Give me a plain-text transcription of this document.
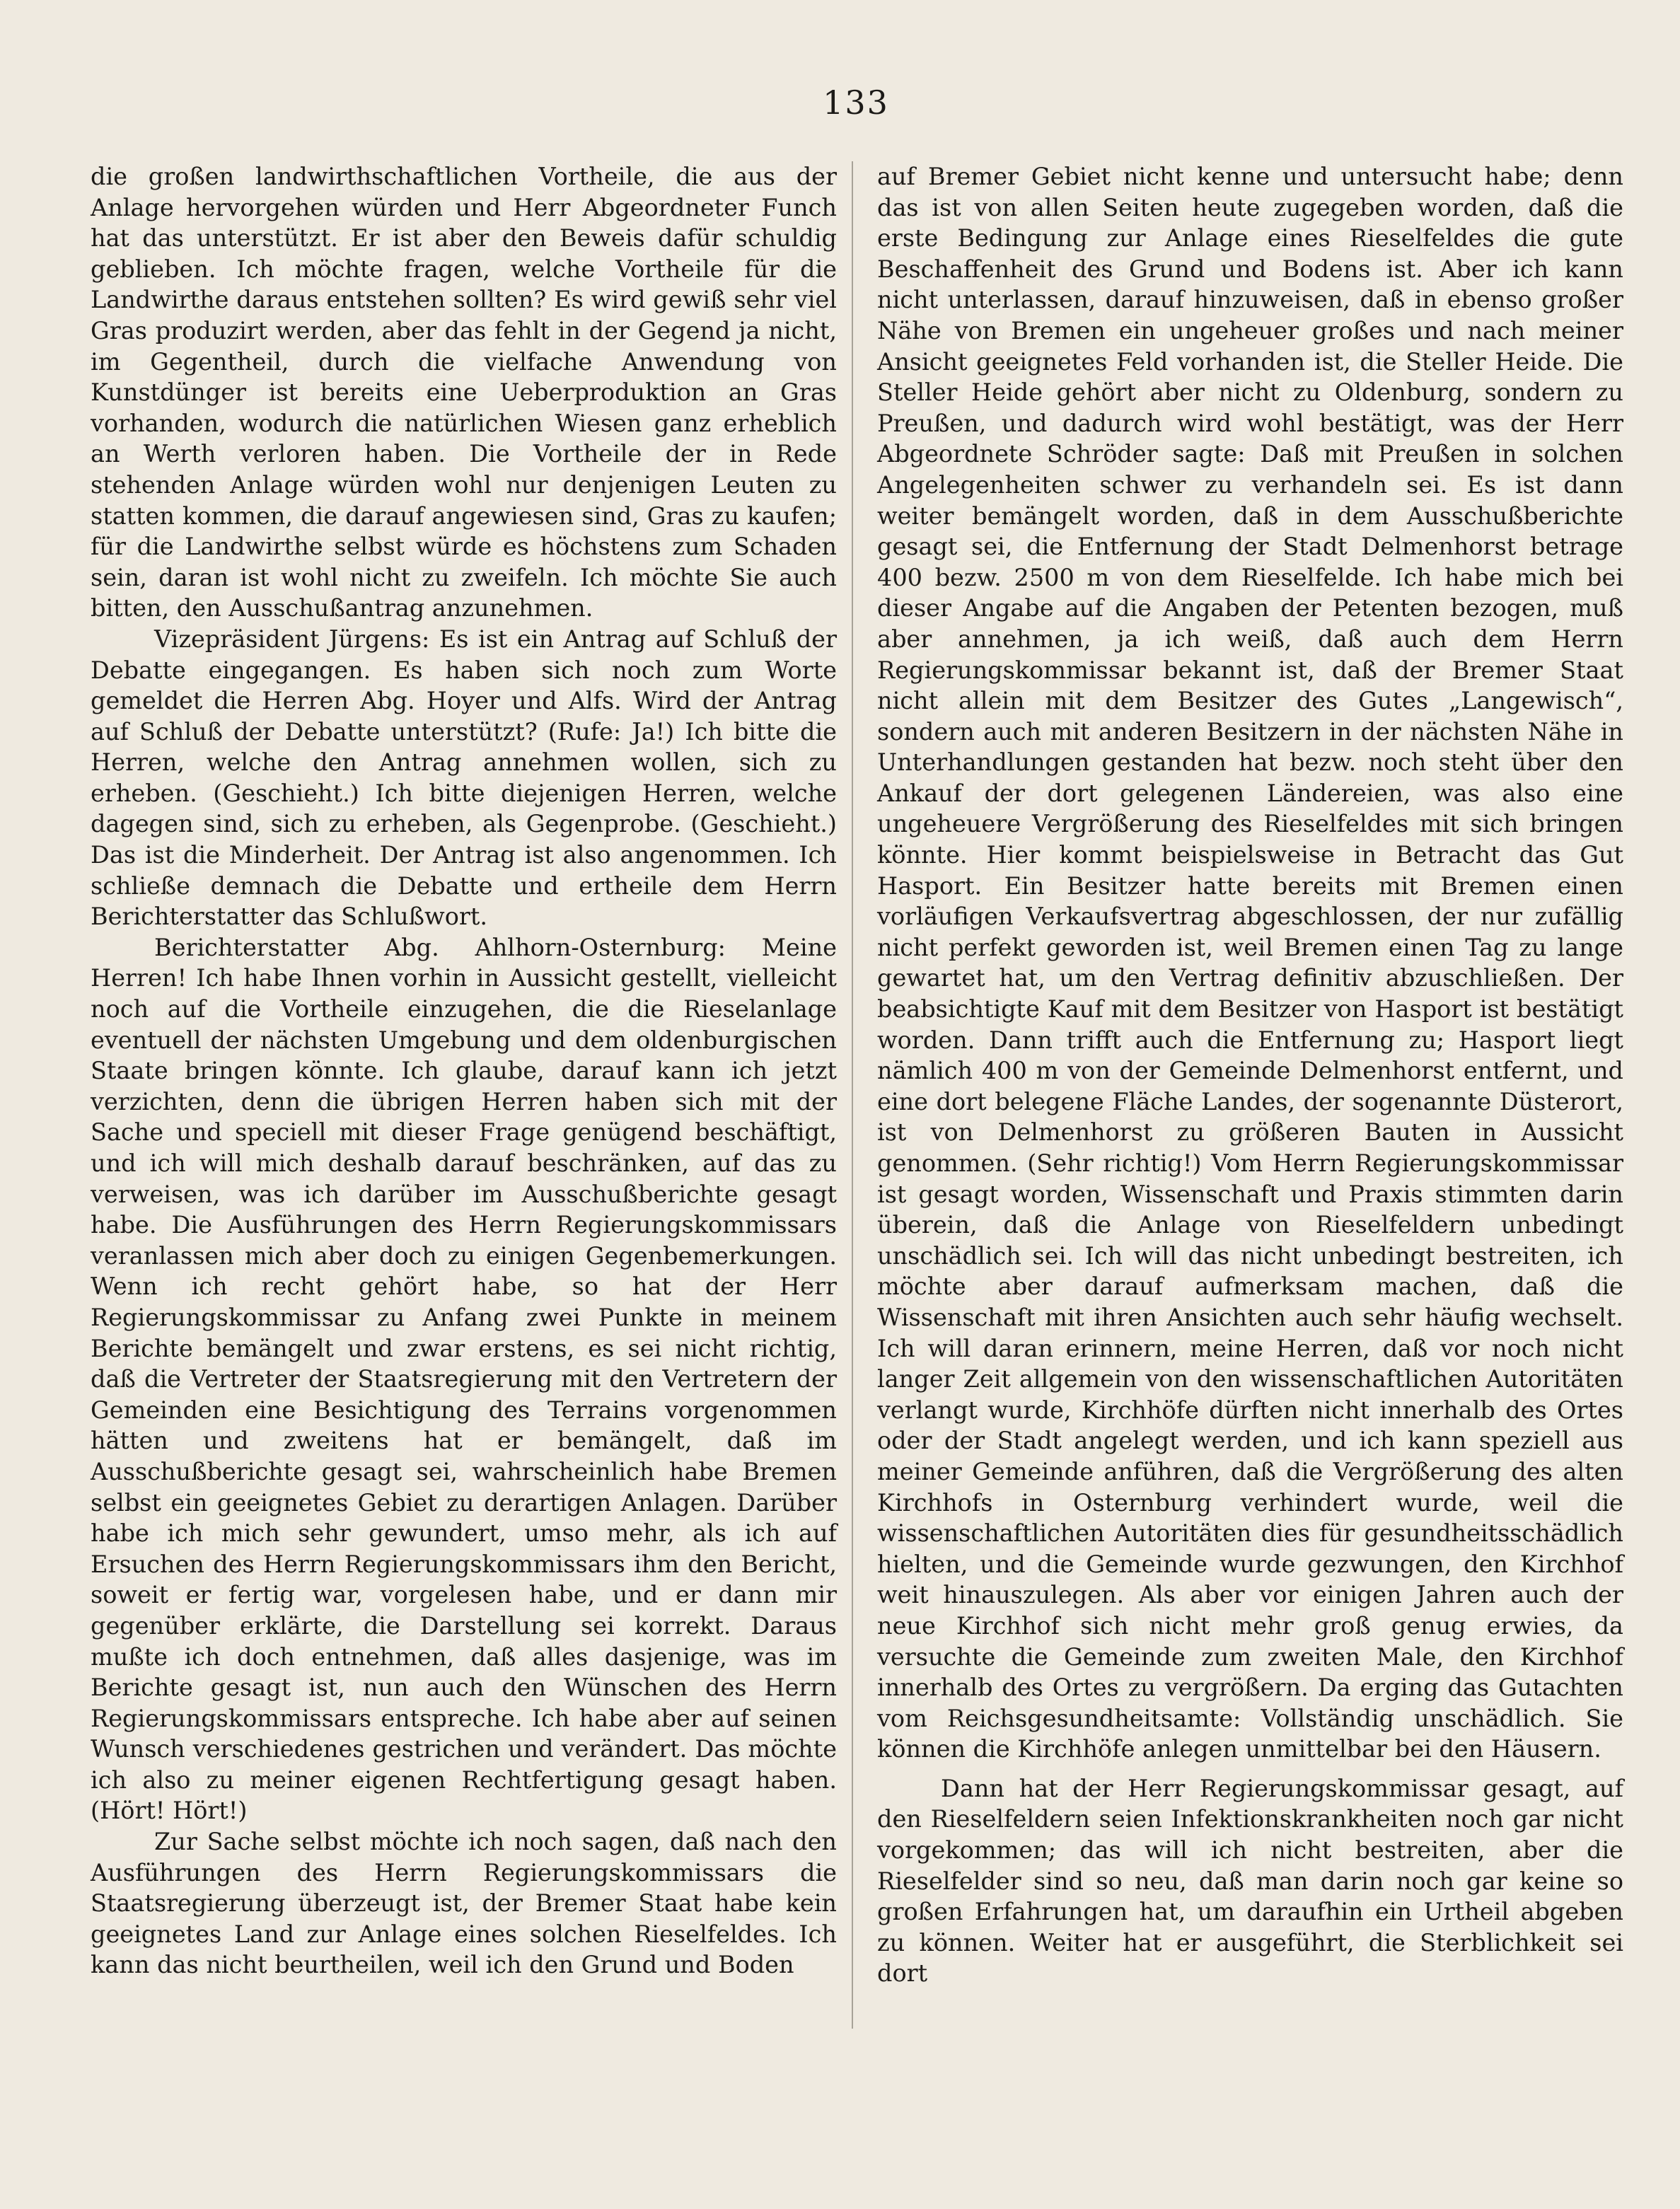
133

die großen landwirthschaftlichen Vortheile, die aus der Anlage hervorgehen würden und Herr Abgeordneter Funch hat das unterstützt. Er ist aber den Beweis dafür schuldig geblieben. Ich möchte fragen, welche Vortheile für die Landwirthe daraus entstehen sollten? Es wird gewiß sehr viel Gras produzirt werden, aber das fehlt in der Gegend ja nicht, im Gegentheil, durch die vielfache Anwendung von Kunstdünger ist bereits eine Ueberproduktion an Gras vorhanden, wodurch die natürlichen Wiesen ganz erheblich an Werth verloren haben. Die Vortheile der in Rede stehenden Anlage würden wohl nur denjenigen Leuten zu statten kommen, die darauf angewiesen sind, Gras zu kaufen; für die Landwirthe selbst würde es höchstens zum Schaden sein, daran ist wohl nicht zu zweifeln. Ich möchte Sie auch bitten, den Ausschußantrag anzunehmen.

Vizepräsident Jürgens: Es ist ein Antrag auf Schluß der Debatte eingegangen. Es haben sich noch zum Worte gemeldet die Herren Abg. Hoyer und Alfs. Wird der Antrag auf Schluß der Debatte unterstützt? (Rufe: Ja!) Ich bitte die Herren, welche den Antrag annehmen wollen, sich zu erheben. (Geschieht.) Ich bitte diejenigen Herren, welche dagegen sind, sich zu erheben, als Gegenprobe. (Geschieht.) Das ist die Minderheit. Der Antrag ist also angenommen. Ich schließe demnach die Debatte und ertheile dem Herrn Berichterstatter das Schlußwort.

Berichterstatter Abg. Ahlhorn-Osternburg: Meine Herren! Ich habe Ihnen vorhin in Aussicht gestellt, vielleicht noch auf die Vortheile einzugehen, die die Rieselanlage eventuell der nächsten Umgebung und dem oldenburgischen Staate bringen könnte. Ich glaube, darauf kann ich jetzt verzichten, denn die übrigen Herren haben sich mit der Sache und speciell mit dieser Frage genügend beschäftigt, und ich will mich deshalb darauf beschränken, auf das zu verweisen, was ich darüber im Ausschußberichte gesagt habe. Die Ausführungen des Herrn Regierungskommissars veranlassen mich aber doch zu einigen Gegenbemerkungen. Wenn ich recht gehört habe, so hat der Herr Regierungskommissar zu Anfang zwei Punkte in meinem Berichte bemängelt und zwar erstens, es sei nicht richtig, daß die Vertreter der Staatsregierung mit den Vertretern der Gemeinden eine Besichtigung des Terrains vorgenommen hätten und zweitens hat er bemängelt, daß im Ausschußberichte gesagt sei, wahrscheinlich habe Bremen selbst ein geeignetes Gebiet zu derartigen Anlagen. Darüber habe ich mich sehr gewundert, umso mehr, als ich auf Ersuchen des Herrn Regierungskommissars ihm den Bericht, soweit er fertig war, vorgelesen habe, und er dann mir gegenüber erklärte, die Darstellung sei korrekt. Daraus mußte ich doch entnehmen, daß alles dasjenige, was im Berichte gesagt ist, nun auch den Wünschen des Herrn Regierungskommissars entspreche. Ich habe aber auf seinen Wunsch verschiedenes gestrichen und verändert. Das möchte ich also zu meiner eigenen Rechtfertigung gesagt haben. (Hört! Hört!)

Zur Sache selbst möchte ich noch sagen, daß nach den Ausführungen des Herrn Regierungskommissars die Staatsregierung überzeugt ist, der Bremer Staat habe kein geeignetes Land zur Anlage eines solchen Rieselfeldes. Ich kann das nicht beurtheilen, weil ich den Grund und Boden

auf Bremer Gebiet nicht kenne und untersucht habe; denn das ist von allen Seiten heute zugegeben worden, daß die erste Bedingung zur Anlage eines Rieselfeldes die gute Beschaffenheit des Grund und Bodens ist. Aber ich kann nicht unterlassen, darauf hinzuweisen, daß in ebenso großer Nähe von Bremen ein ungeheuer großes und nach meiner Ansicht geeignetes Feld vorhanden ist, die Steller Heide. Die Steller Heide gehört aber nicht zu Oldenburg, sondern zu Preußen, und dadurch wird wohl bestätigt, was der Herr Abgeordnete Schröder sagte: Daß mit Preußen in solchen Angelegenheiten schwer zu verhandeln sei. Es ist dann weiter bemängelt worden, daß in dem Ausschußberichte gesagt sei, die Entfernung der Stadt Delmenhorst betrage 400 bezw. 2500 m von dem Rieselfelde. Ich habe mich bei dieser Angabe auf die Angaben der Petenten bezogen, muß aber annehmen, ja ich weiß, daß auch dem Herrn Regierungskommissar bekannt ist, daß der Bremer Staat nicht allein mit dem Besitzer des Gutes „Langewisch“, sondern auch mit anderen Besitzern in der nächsten Nähe in Unterhandlungen gestanden hat bezw. noch steht über den Ankauf der dort gelegenen Ländereien, was also eine ungeheuere Vergrößerung des Rieselfeldes mit sich bringen könnte. Hier kommt beispielsweise in Betracht das Gut Hasport. Ein Besitzer hatte bereits mit Bremen einen vorläufigen Verkaufsvertrag abgeschlossen, der nur zufällig nicht perfekt geworden ist, weil Bremen einen Tag zu lange gewartet hat, um den Vertrag definitiv abzuschließen. Der beabsichtigte Kauf mit dem Besitzer von Hasport ist bestätigt worden. Dann trifft auch die Entfernung zu; Hasport liegt nämlich 400 m von der Gemeinde Delmenhorst entfernt, und eine dort belegene Fläche Landes, der sogenannte Düsterort, ist von Delmenhorst zu größeren Bauten in Aussicht genommen. (Sehr richtig!) Vom Herrn Regierungskommissar ist gesagt worden, Wissenschaft und Praxis stimmten darin überein, daß die Anlage von Rieselfeldern unbedingt unschädlich sei. Ich will das nicht unbedingt bestreiten, ich möchte aber darauf aufmerksam machen, daß die Wissenschaft mit ihren Ansichten auch sehr häufig wechselt. Ich will daran erinnern, meine Herren, daß vor noch nicht langer Zeit allgemein von den wissenschaftlichen Autoritäten verlangt wurde, Kirchhöfe dürften nicht innerhalb des Ortes oder der Stadt angelegt werden, und ich kann speziell aus meiner Gemeinde anführen, daß die Vergrößerung des alten Kirchhofs in Osternburg verhindert wurde, weil die wissenschaftlichen Autoritäten dies für gesundheitsschädlich hielten, und die Gemeinde wurde gezwungen, den Kirchhof weit hinauszulegen. Als aber vor einigen Jahren auch der neue Kirchhof sich nicht mehr groß genug erwies, da versuchte die Gemeinde zum zweiten Male, den Kirchhof innerhalb des Ortes zu vergrößern. Da erging das Gutachten vom Reichsgesundheitsamte: Vollständig unschädlich. Sie können die Kirchhöfe anlegen unmittelbar bei den Häusern.

Dann hat der Herr Regierungskommissar gesagt, auf den Rieselfeldern seien Infektionskrankheiten noch gar nicht vorgekommen; das will ich nicht bestreiten, aber die Rieselfelder sind so neu, daß man darin noch gar keine so großen Erfahrungen hat, um daraufhin ein Urtheil abgeben zu können. Weiter hat er ausgeführt, die Sterblichkeit sei dort
